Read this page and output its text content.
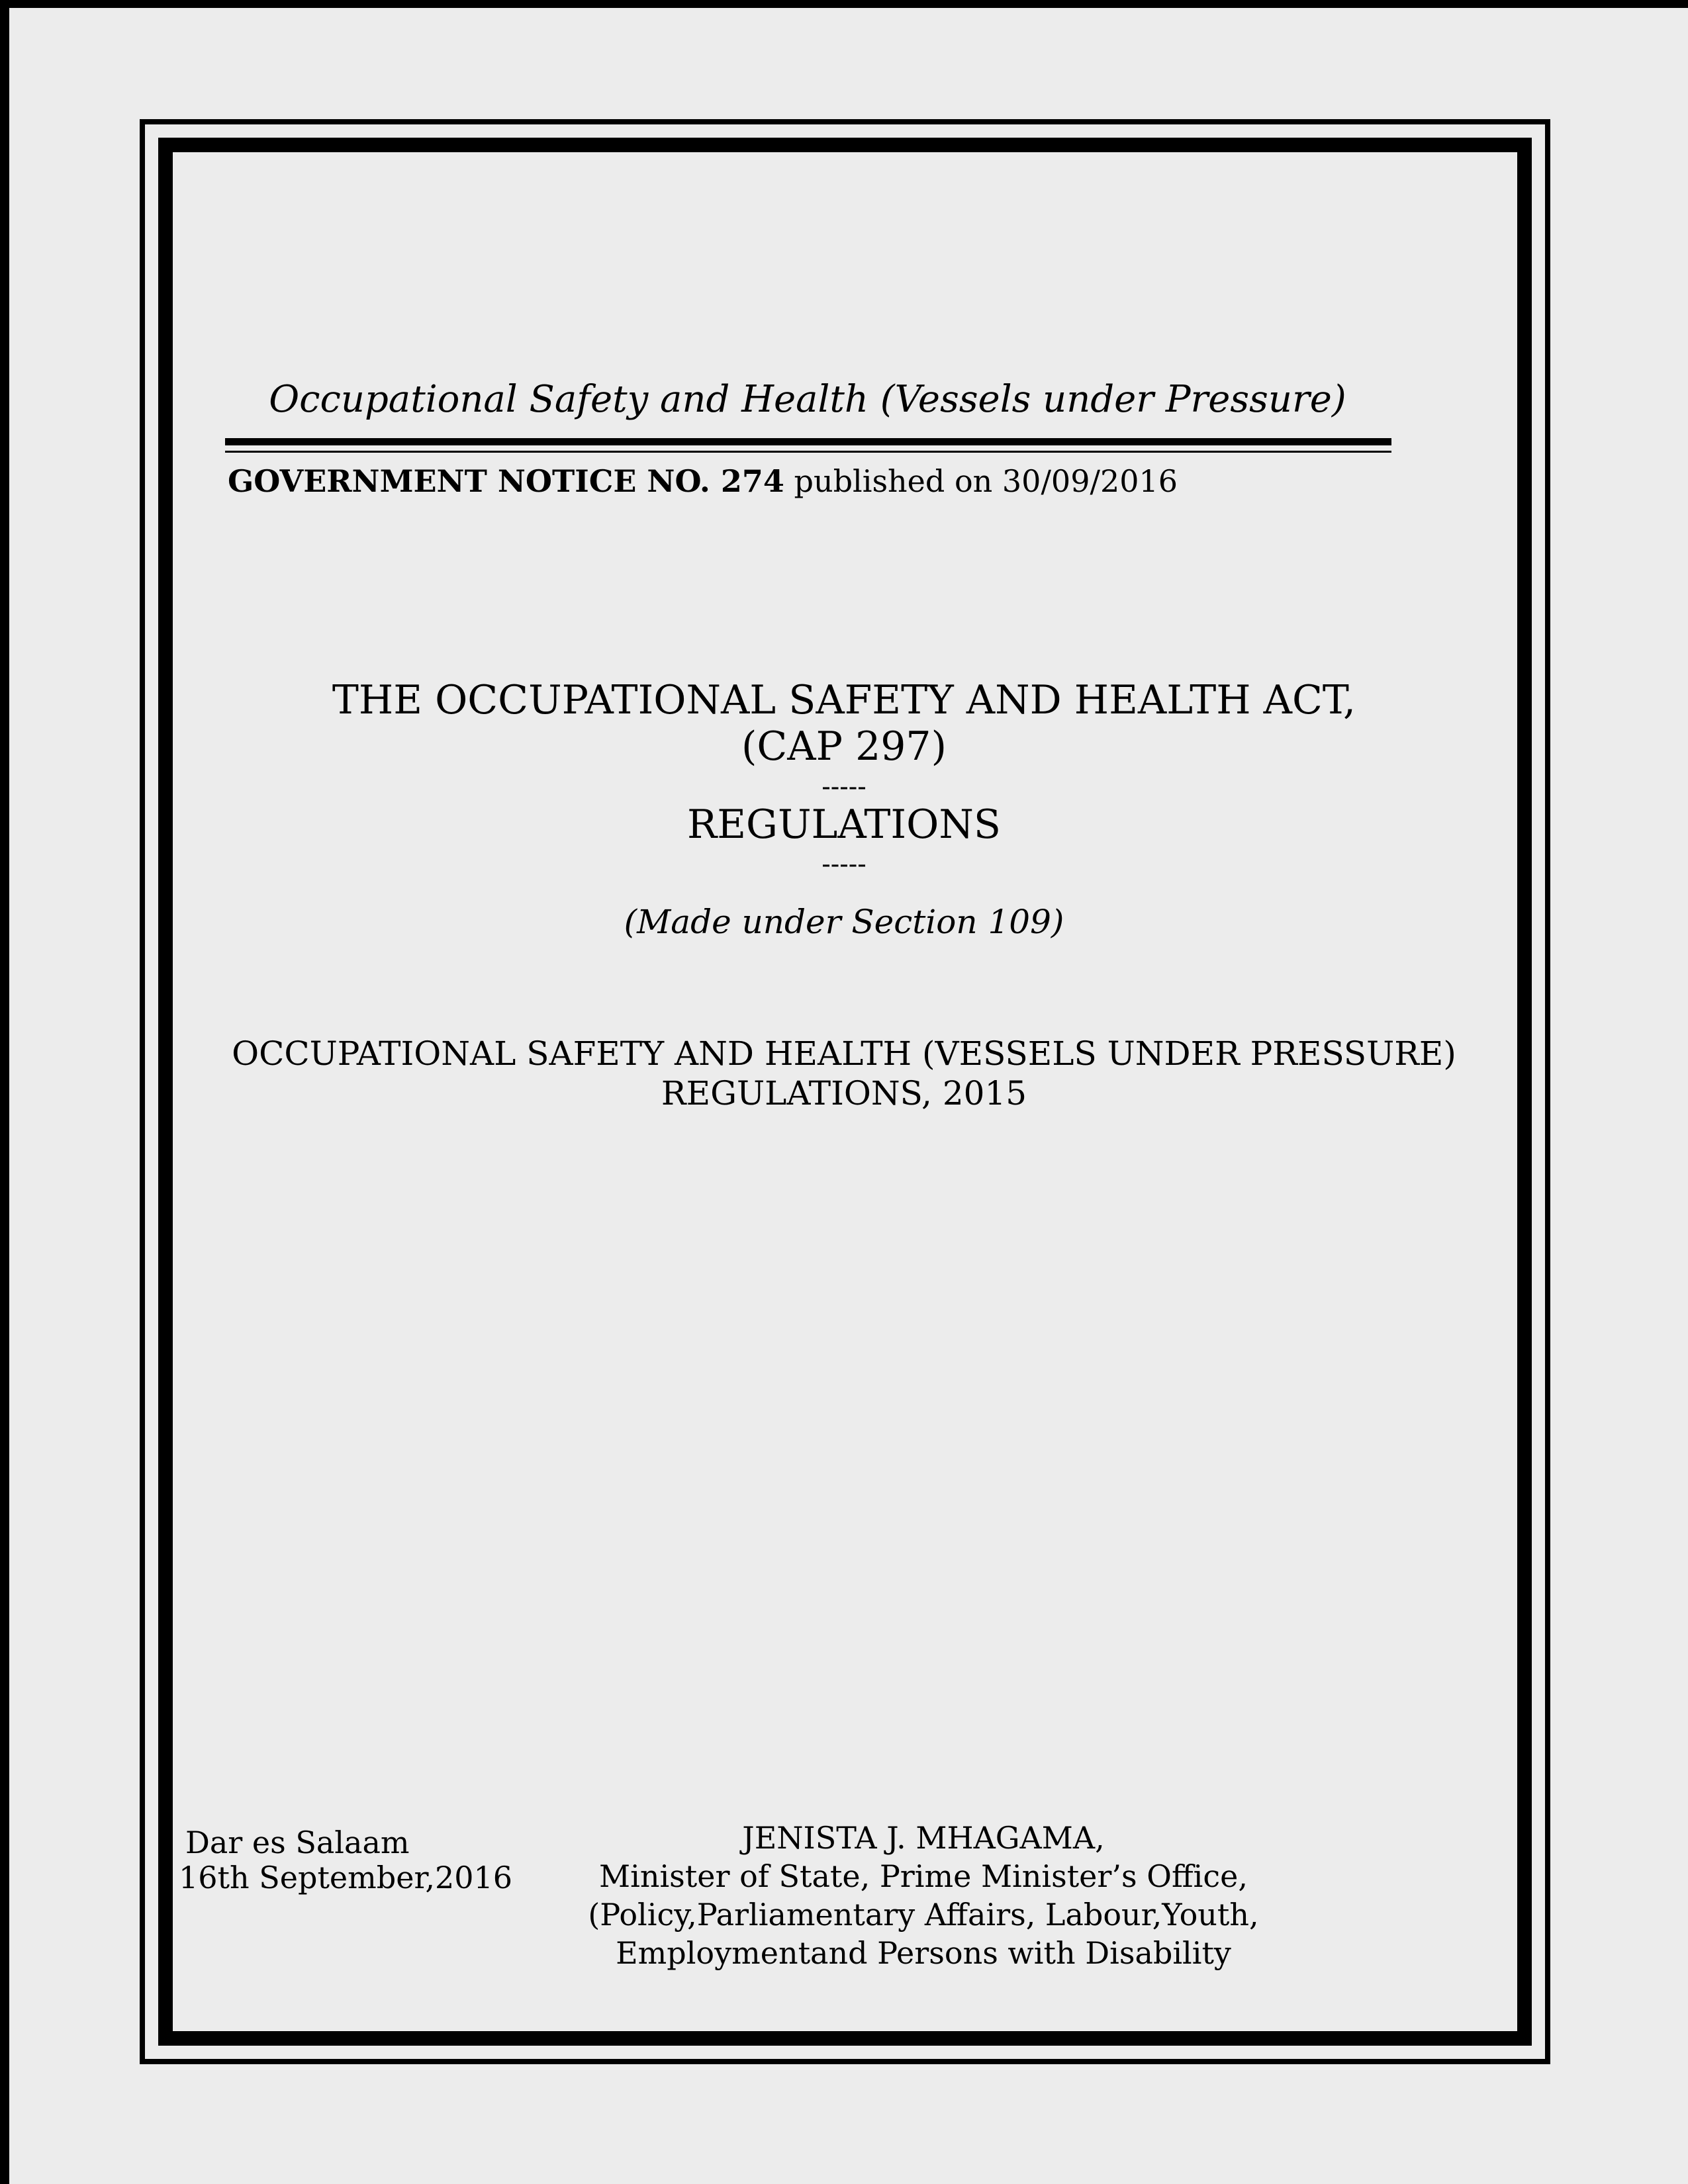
Occupational Safety and Health (Vessels under Pressure)
GOVERNMENT NOTICE NO. 274 published on 30/09/2016
THE OCCUPATIONAL SAFETY AND HEALTH ACT,
(CAP 297)
-----
REGULATIONS
-----
(Made under Section 109)
OCCUPATIONAL SAFETY AND HEALTH (VESSELS UNDER PRESSURE)
REGULATIONS, 2015
Dar es Salaam
16th September,2016
JENISTA J. MHAGAMA,
Minister of State, Prime Minister’s Office,
(Policy,Parliamentary Affairs, Labour,Youth,
Employmentand Persons with Disability
